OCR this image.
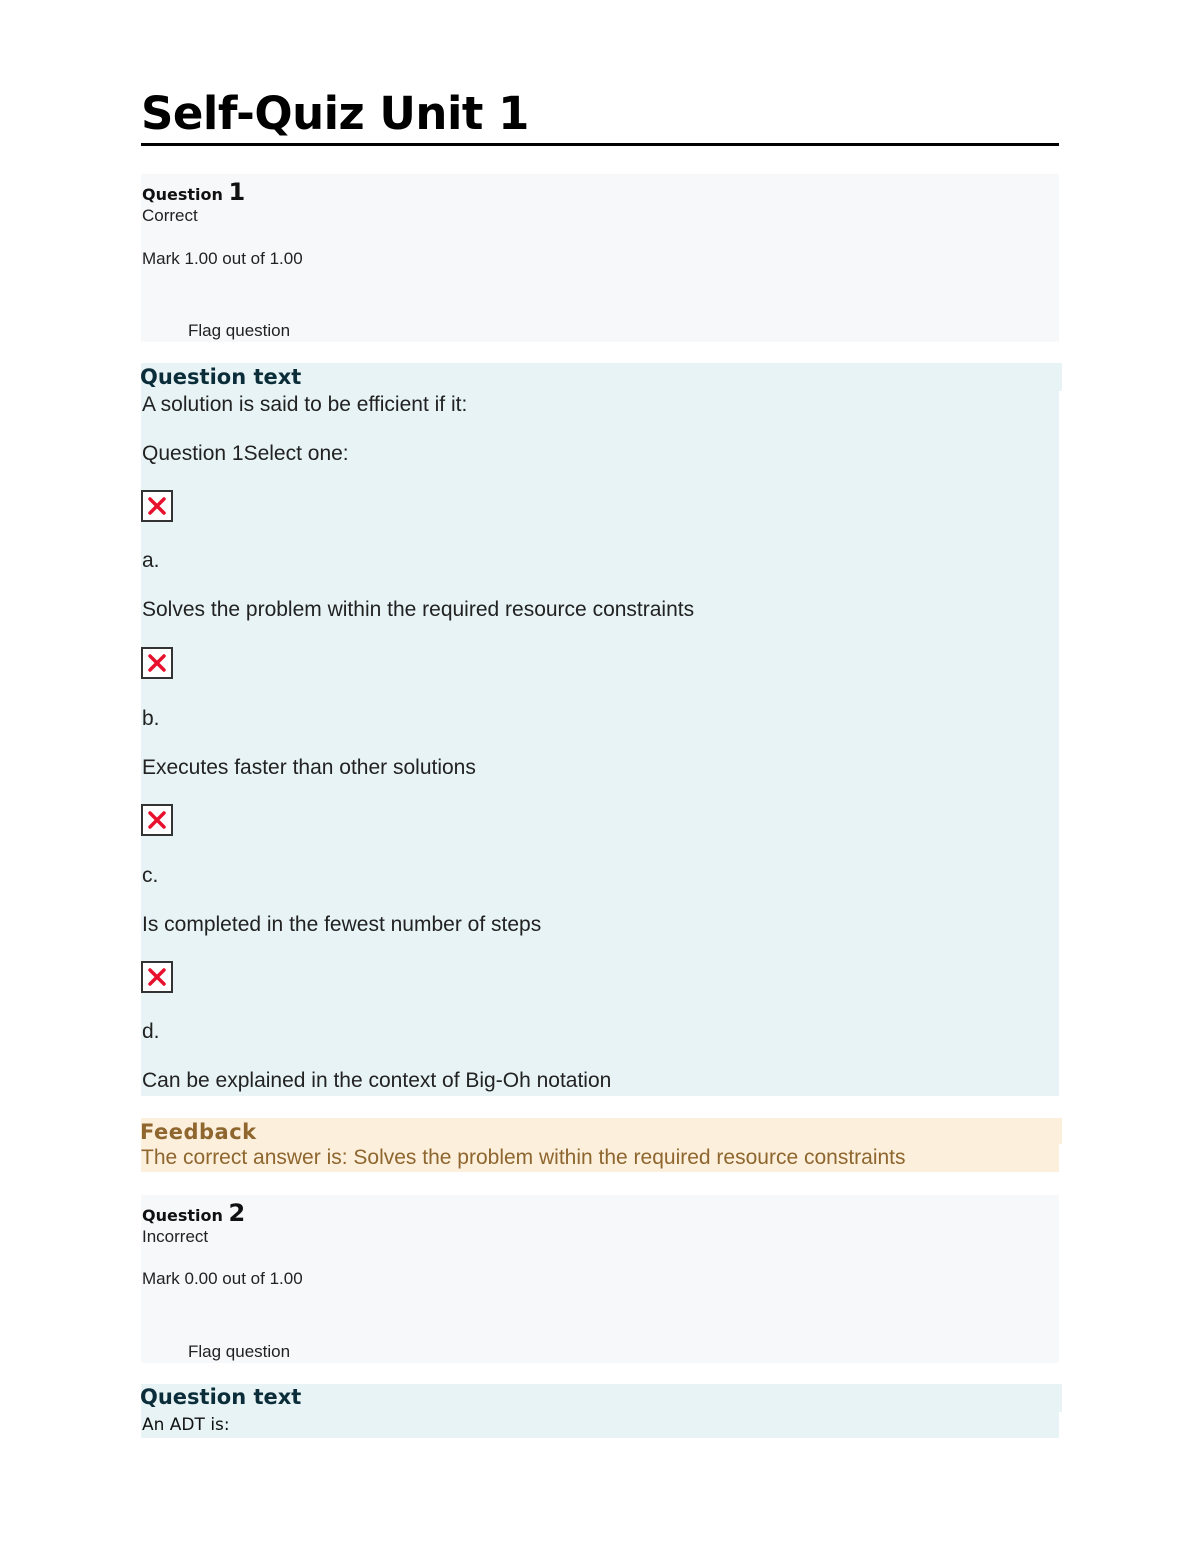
Self-Quiz Unit 1
Question 1
Correct
Mark 1.00 out of 1.00
Flag question
Question text
A solution is said to be efficient if it:
Question 1Select one:
a.
Solves the problem within the required resource constraints
b.
Executes faster than other solutions
c.
Is completed in the fewest number of steps
d.
Can be explained in the context of Big-Oh notation
Feedback
The correct answer is: Solves the problem within the required resource constraints
Question 2
Incorrect
Mark 0.00 out of 1.00
Flag question
Question text
An ADT is:
